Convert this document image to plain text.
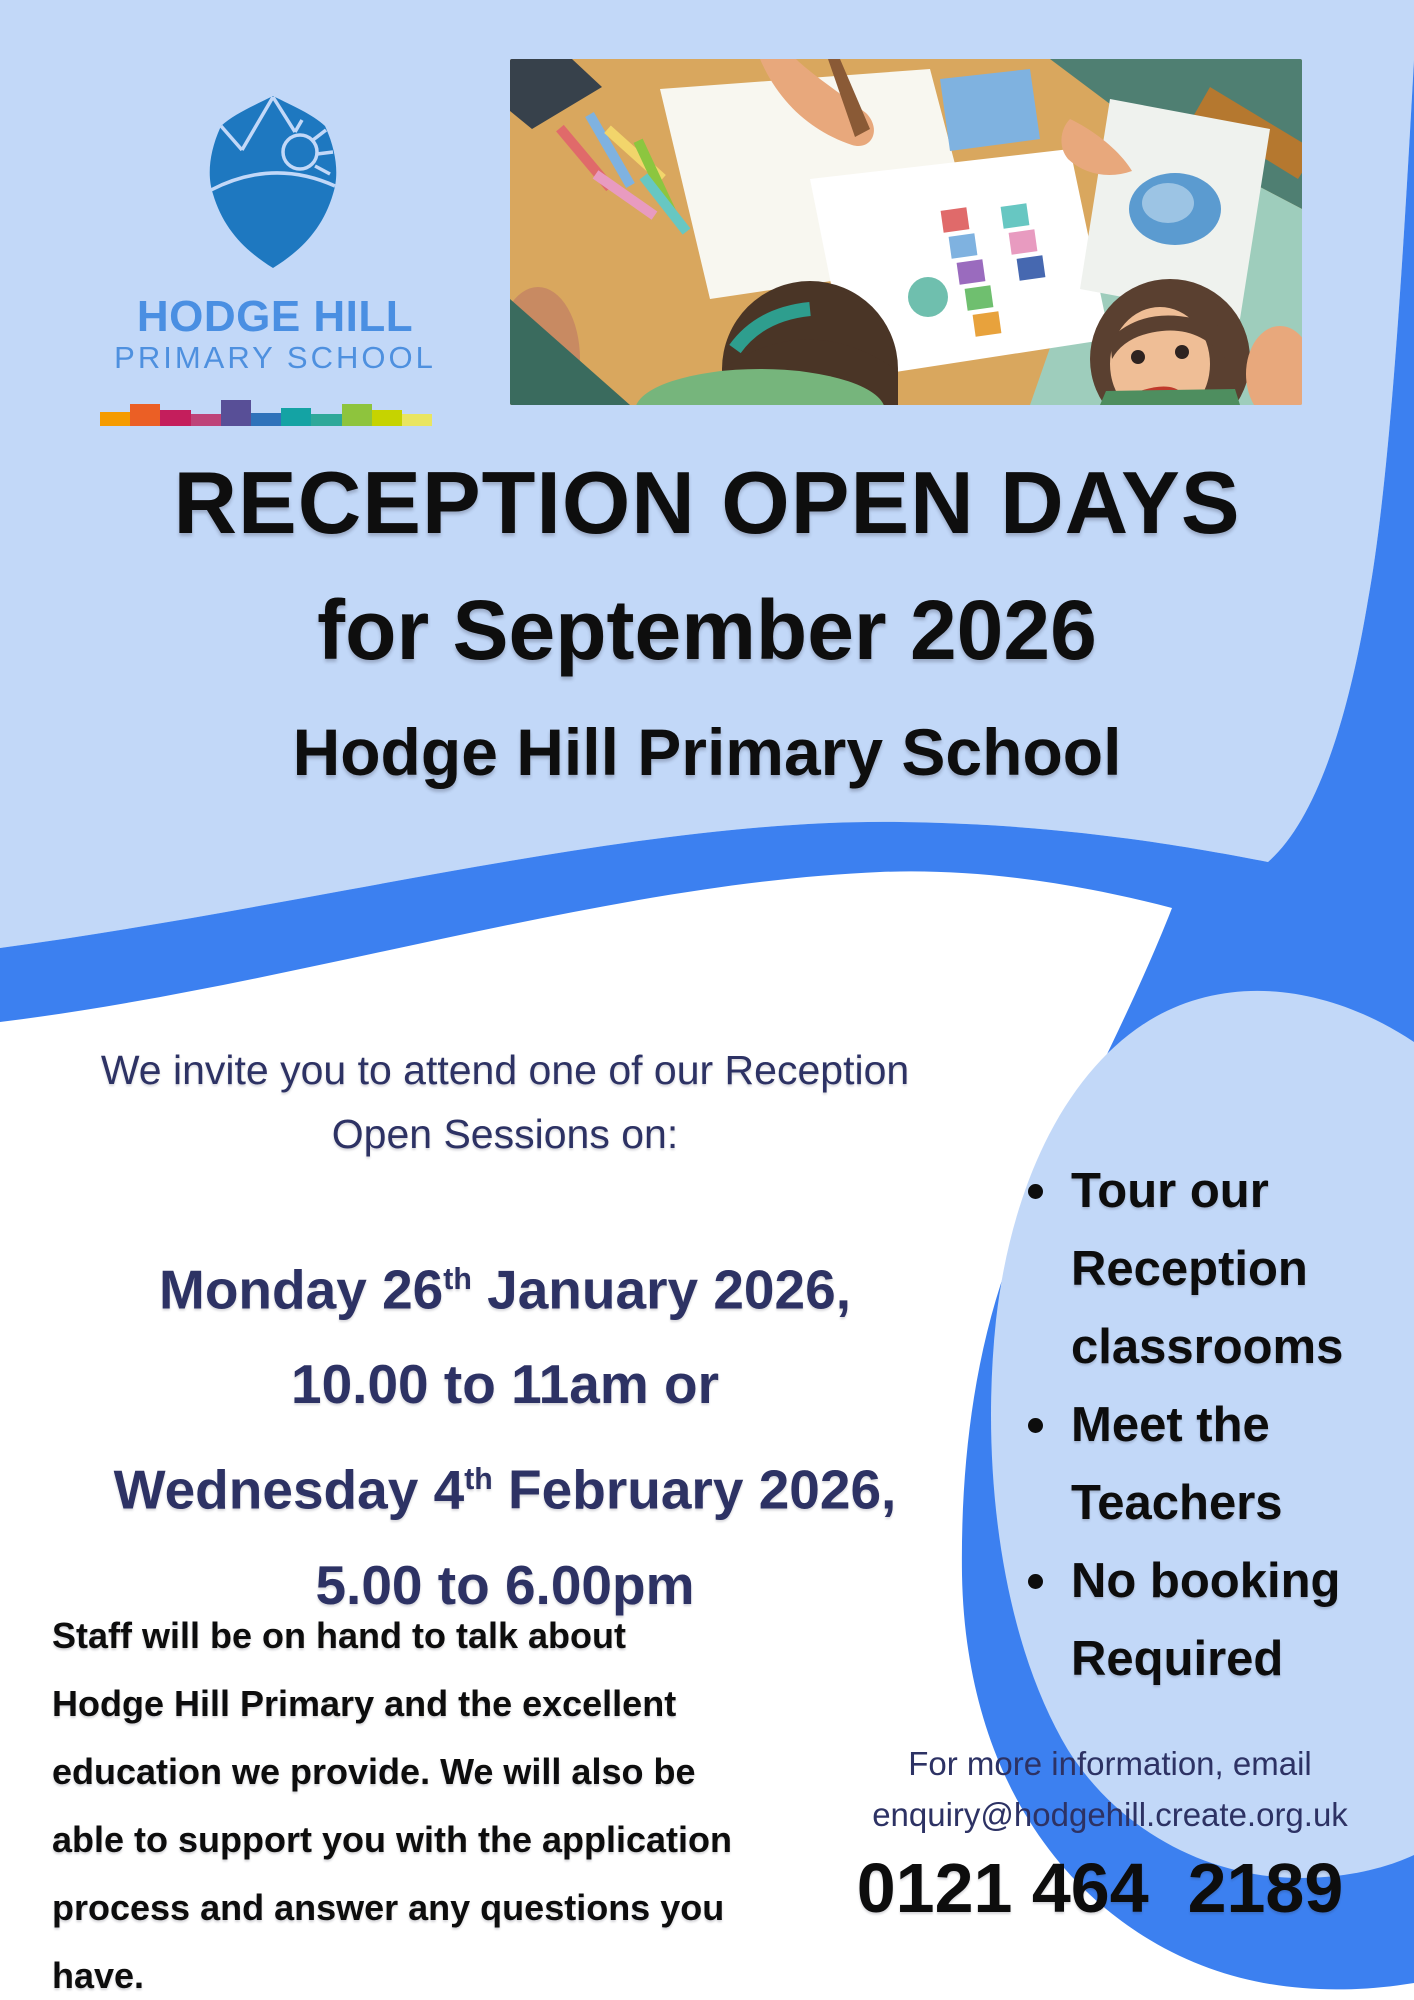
HODGE HILL
PRIMARY SCHOOL
RECEPTION OPEN DAYS
for September 2026
Hodge Hill Primary School
We invite you to attend one of our Reception
Open Sessions on:
Monday 26th January 2026,
10.00 to 11am or
Wednesday 4th February 2026,
5.00 to 6.00pm
Staff will be on hand to talk about
Hodge Hill Primary and the excellent
education we provide. We will also be
able to support you with the application
process and answer any questions you
have.
Tour our Reception classrooms
Meet the Teachers
No booking Required
For more information, email
enquiry@hodgehill.create.org.uk
0121 464  2189
